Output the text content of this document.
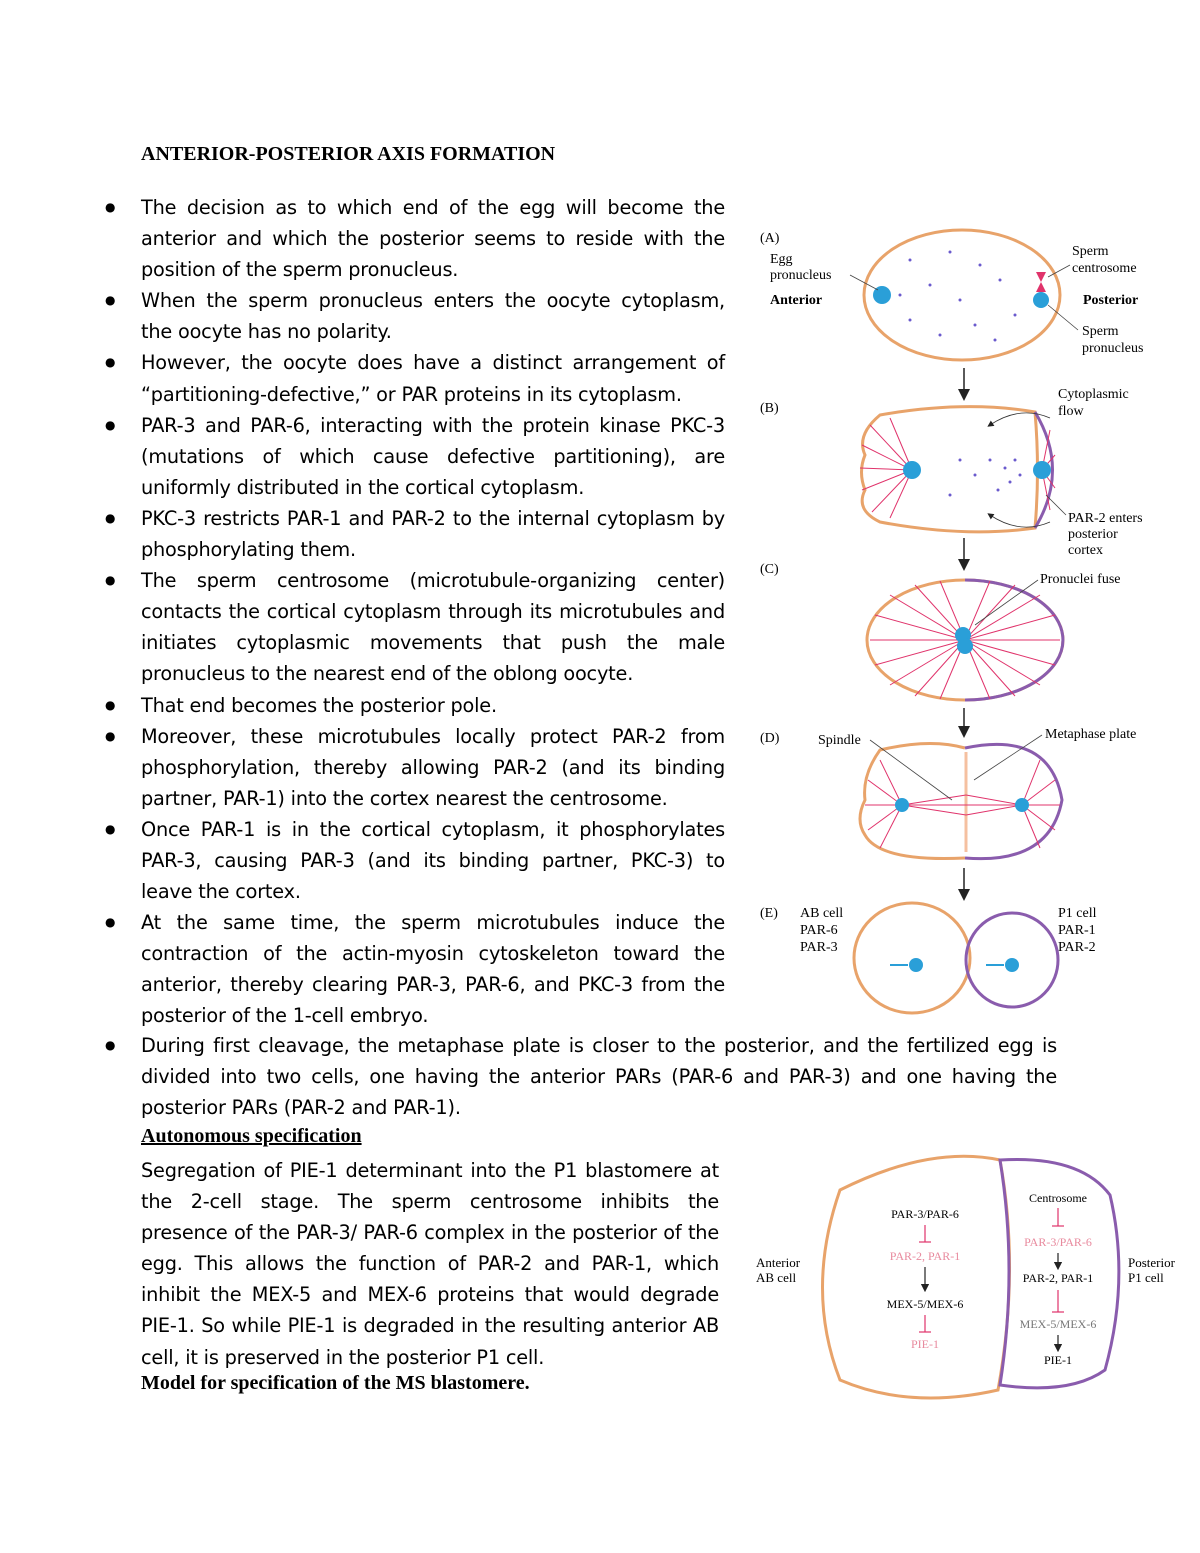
ANTERIOR-POSTERIOR AXIS FORMATION
● The decision as to which end of the egg will become the anterior and which the posterior seems to reside with the position of the sperm pronucleus.
● When the sperm pronucleus enters the oocyte cytoplasm, the oocyte has no polarity.
● However, the oocyte does have a distinct arrangement of “partitioning-defective,” or PAR proteins in its cytoplasm.
● PAR-3 and PAR-6, interacting with the protein kinase PKC-3 (mutations of which cause defective partitioning), are uniformly distributed in the cortical cytoplasm.
● PKC-3 restricts PAR-1 and PAR-2 to the internal cytoplasm by phosphorylating them.
● The sperm centrosome (microtubule-organizing center) contacts the cortical cytoplasm through its microtubules and initiates cytoplasmic movements that push the male pronucleus to the nearest end of the oblong oocyte.
● That end becomes the posterior pole.
● Moreover, these microtubules locally protect PAR-2 from phosphorylation, thereby allowing PAR-2 (and its binding partner, PAR-1) into the cortex nearest the centrosome.
● Once PAR-1 is in the cortical cytoplasm, it phosphorylates PAR-3, causing PAR-3 (and its binding partner, PKC-3) to leave the cortex.
● At the same time, the sperm microtubules induce the contraction of the actin-myosin cytoskeleton toward the anterior, thereby clearing PAR-3, PAR-6, and PKC-3 from the posterior of the 1-cell embryo.
● During first cleavage, the metaphase plate is closer to the posterior, and the fertilized egg is divided into two cells, one having the anterior PARs (PAR-6 and PAR-3) and one having the posterior PARs (PAR-2 and PAR-1).
Autonomous specification
Segregation of PIE-1 determinant into the P1 blastomere at the 2-cell stage. The sperm centrosome inhibits the presence of the PAR-3/ PAR-6 complex in the posterior of the egg. This allows the function of PAR-2 and PAR-1, which inhibit the MEX-5 and MEX-6 proteins that would degrade PIE-1. So while PIE-1 is degraded in the resulting anterior AB cell, it is preserved in the posterior P1 cell.
Model for specification of the MS blastomere.
(A)
Egg
pronucleus
Anterior
Sperm
centrosome
Posterior
Sperm
pronucleus
(B)
Cytoplasmic
flow
PAR-2 enters
posterior
cortex
(C)
Pronuclei fuse
(D)	Spindle	Metaphase plate
(E) AB cell
PAR-6
PAR-3
P1 cell
PAR-1
PAR-2
Anterior
AB cell
Posterior
P1 cell
PAR-3/PAR-6
PAR-2, PAR-1
MEX-5/MEX-6
PIE-1
Centrosome
PAR-3/PAR-6
PAR-2, PAR-1
MEX-5/MEX-6
PIE-1
